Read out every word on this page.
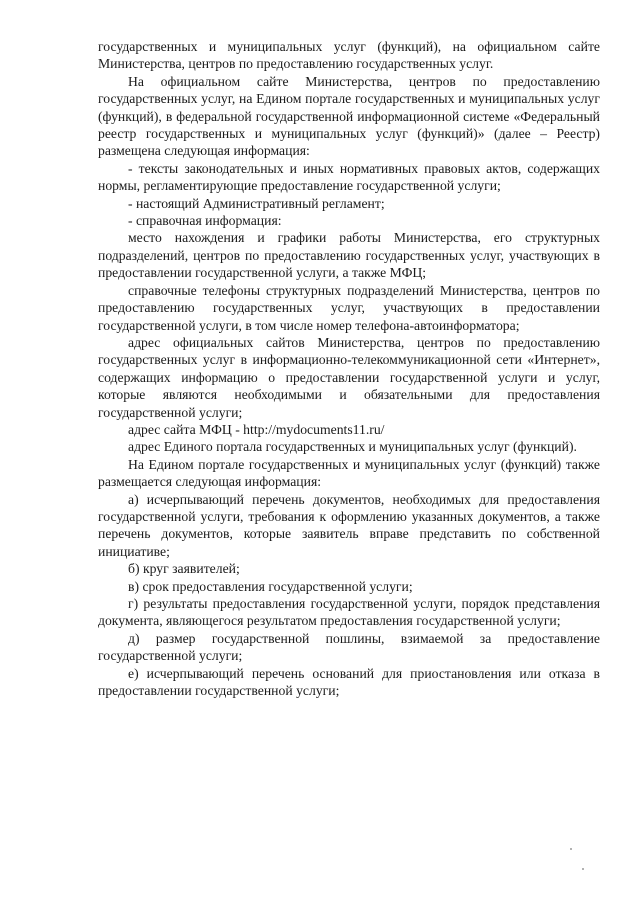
государственных и муниципальных услуг (функций), на официальном сайте Министерства, центров по предоставлению государственных услуг.

На официальном сайте Министерства, центров по предоставлению государственных услуг, на Едином портале государственных и муниципальных услуг (функций), в федеральной государственной информационной системе «Федеральный реестр государственных и муниципальных услуг (функций)» (далее – Реестр) размещена следующая информация:

- тексты законодательных и иных нормативных правовых актов, содержащих нормы, регламентирующие предоставление государственной услуги;

- настоящий Административный регламент;

- справочная информация:

место нахождения и графики работы Министерства, его структурных подразделений, центров по предоставлению государственных услуг, участвующих в предоставлении государственной услуги, а также МФЦ;

справочные телефоны структурных подразделений Министерства, центров по предоставлению государственных услуг, участвующих в предоставлении государственной услуги, в том числе номер телефона-автоинформатора;

адрес официальных сайтов Министерства, центров по предоставлению государственных услуг в информационно-телекоммуникационной сети «Интернет», содержащих информацию о предоставлении государственной услуги и услуг, которые являются необходимыми и обязательными для предоставления государственной услуги;

адрес сайта МФЦ - http://mydocuments11.ru/

адрес Единого портала государственных и муниципальных услуг (функций).

На Едином портале государственных и муниципальных услуг (функций) также размещается следующая информация:

а) исчерпывающий перечень документов, необходимых для предоставления государственной услуги, требования к оформлению указанных документов, а также перечень документов, которые заявитель вправе представить по собственной инициативе;

б) круг заявителей;

в) срок предоставления государственной услуги;

г) результаты предоставления государственной услуги, порядок представления документа, являющегося результатом предоставления государственной услуги;

д) размер государственной пошлины, взимаемой за предоставление государственной услуги;

е) исчерпывающий перечень оснований для приостановления или отказа в предоставлении государственной услуги;
